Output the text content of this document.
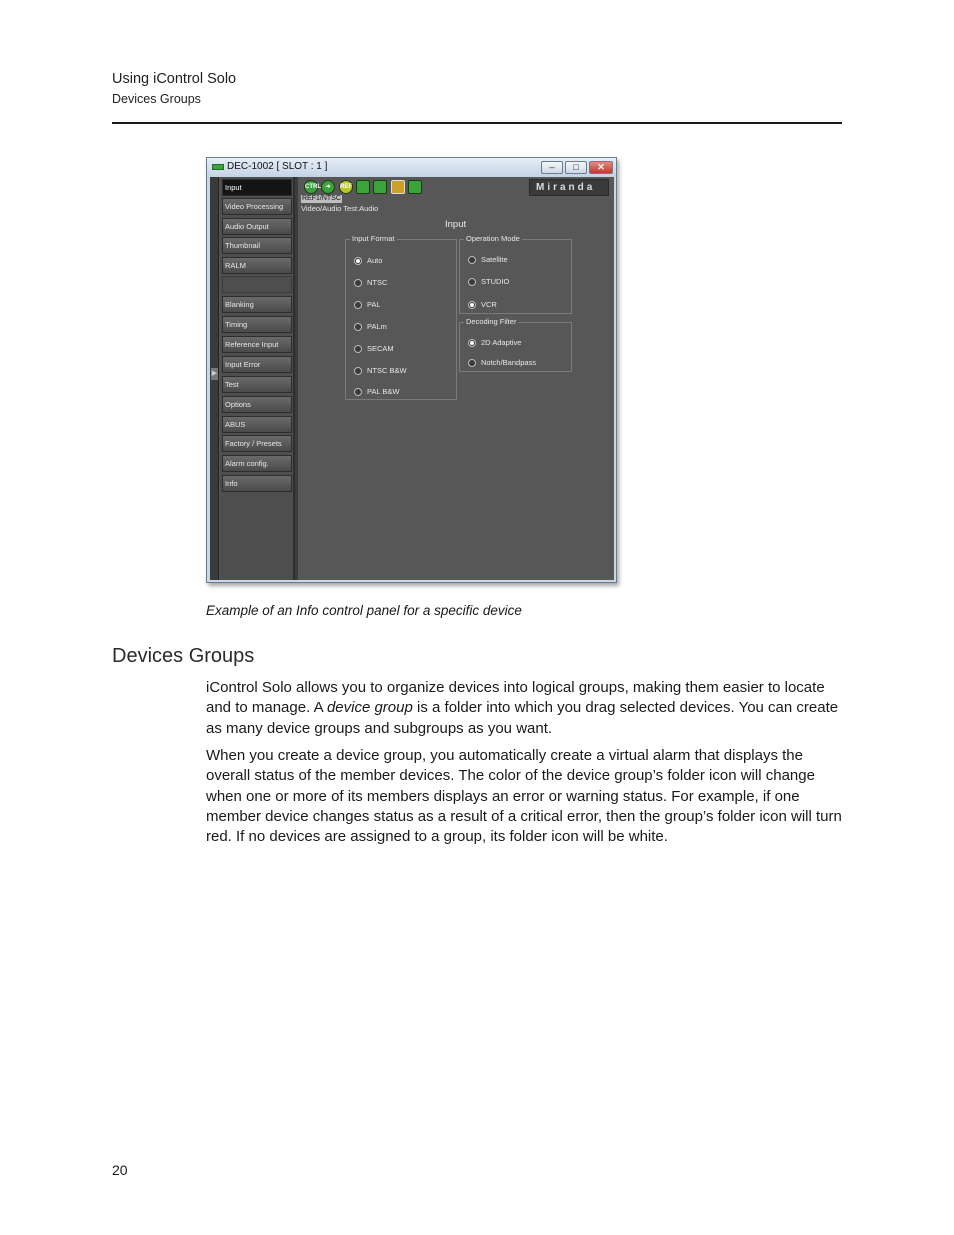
Using iControl Solo
Devices Groups
DEC-1002 [ SLOT : 1 ]	–	□	✕
▶
Input
Video Processing
Audio Output
Thumbnail
RALM
Blanking
Timing
Reference Input
Input Error
Test
Options
ABUS
Factory / Presets
Alarm config.
Info
CTRL ➜	REF	Miranda
REF1/NTSC
Video/Audio Test:Audio
Input
Input Format
Auto
NTSC
PAL
PALm
SECAM
NTSC B&W
PAL B&W
Operation Mode
Satellite
STUDIO
VCR
Decoding Filter
2D Adaptive
Notch/Bandpass
Example of an Info control panel for a specific device
Devices Groups

iControl Solo allows you to organize devices into logical groups, making them easier to locate and to manage. A device group is a folder into which you drag selected devices. You can create as many device groups and subgroups as you want.

When you create a device group, you automatically create a virtual alarm that displays the overall status of the member devices. The color of the device group’s folder icon will change when one or more of its members displays an error or warning status. For example, if one member device changes status as a result of a critical error, then the group’s folder icon will turn red. If no devices are assigned to a group, its folder icon will be white.

20
